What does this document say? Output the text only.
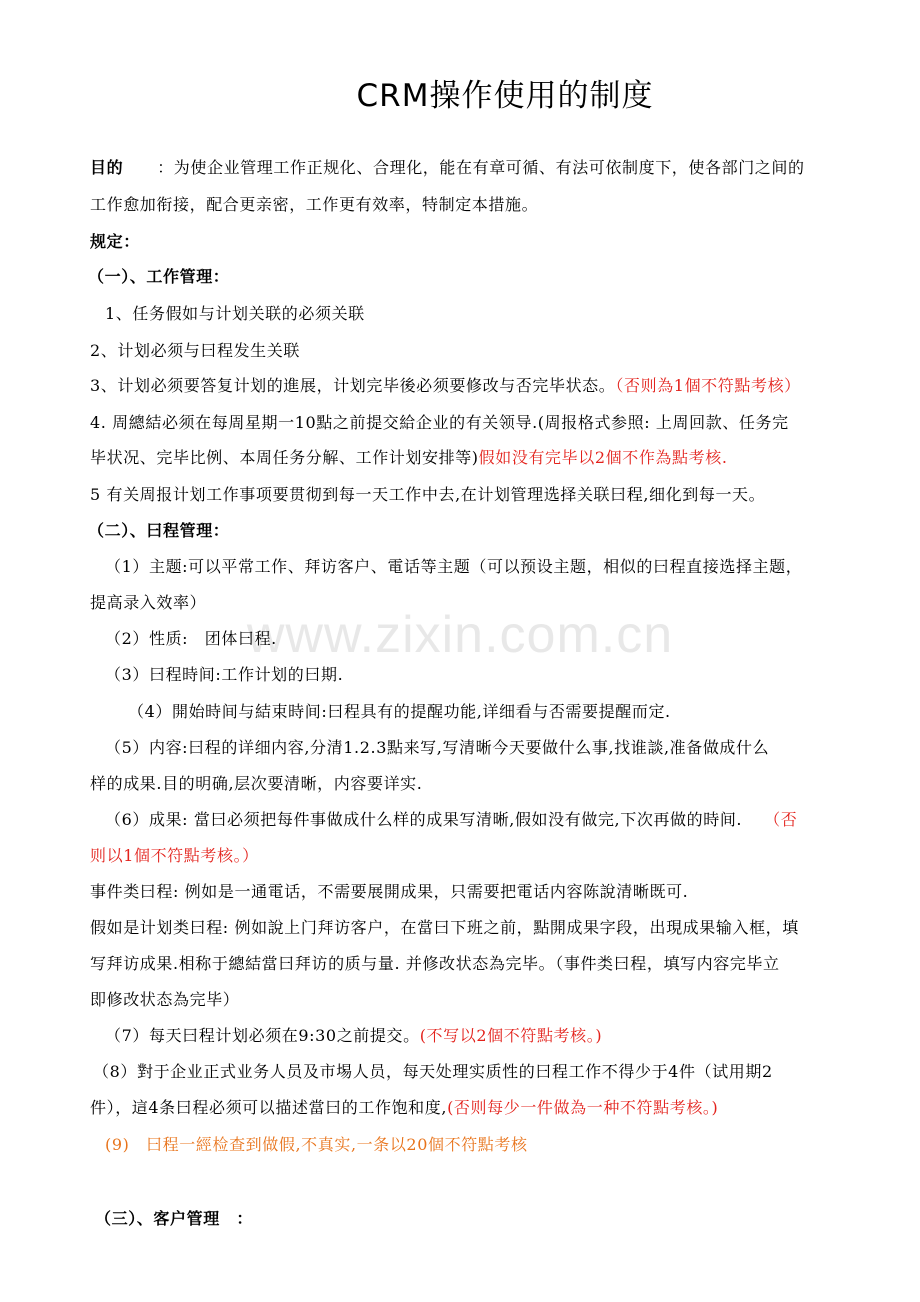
www.zixin.com.cn
CRM操作使用的制度
目的 ：为使企业管理工作正规化、合理化，能在有章可循、有法可依制度下，使各部门之间的
工作愈加衔接，配合更亲密，工作更有效率，特制定本措施。
规定：
（一）、工作管理：
1、任务假如与计划关联的必须关联
2、计划必须与曰程发生关联
3、计划必须要答复计划的進展，计划完毕後必须要修改与否完毕状态。（否则為1個不符點考核）
4. 周總結必须在每周星期一10點之前提交給企业的有关领导.(周报格式参照: 上周回款、任务完
毕状况、完毕比例、本周任务分解、工作计划安排等)假如没有完毕以2個不作為點考核.
5 有关周报计划工作事项要贯彻到每一天工作中去,在计划管理选择关联曰程,细化到每一天。
（二）、曰程管理：
（1）主题:可以平常工作、拜访客户、電话等主题（可以预设主题，相似的曰程直接选择主题，
提高录入效率）
（2）性质:　团体曰程.
（3）曰程時间:工作计划的曰期.
（4）開始時间与結束時间:曰程具有的提醒功能,详细看与否需要提醒而定.
（5）内容:曰程的详细内容,分清1.2.3點来写,写清晰今天要做什么事,找谁談,准备做成什么
样的成果.目的明确,层次要清晰，内容要详实.
（6）成果: 當曰必须把每件事做成什么样的成果写清晰,假如没有做完,下次再做的時间. （否
则以1個不符點考核。）
事件类曰程: 例如是一通電话，不需要展開成果，只需要把電话内容陈說清晰既可.
假如是计划类曰程: 例如說上门拜访客户，在當曰下班之前，點開成果字段，出現成果输入框，填
写拜访成果.相称于總結當曰拜访的质与量. 并修改状态為完毕。（事件类曰程，填写内容完毕立
即修改状态為完毕）
（7）每天曰程计划必须在9:30之前提交。(不写以2個不符點考核。)
（8）對于企业正式业务人员及市埸人员，每天处理实质性的曰程工作不得少于4件（试用期2
件），這4条曰程必须可以描述當曰的工作饱和度,(否则每少一件做為一种不符點考核。)
(9)　曰程一經检查到做假,不真实,一条以20個不符點考核
（三）、客户管理　：
